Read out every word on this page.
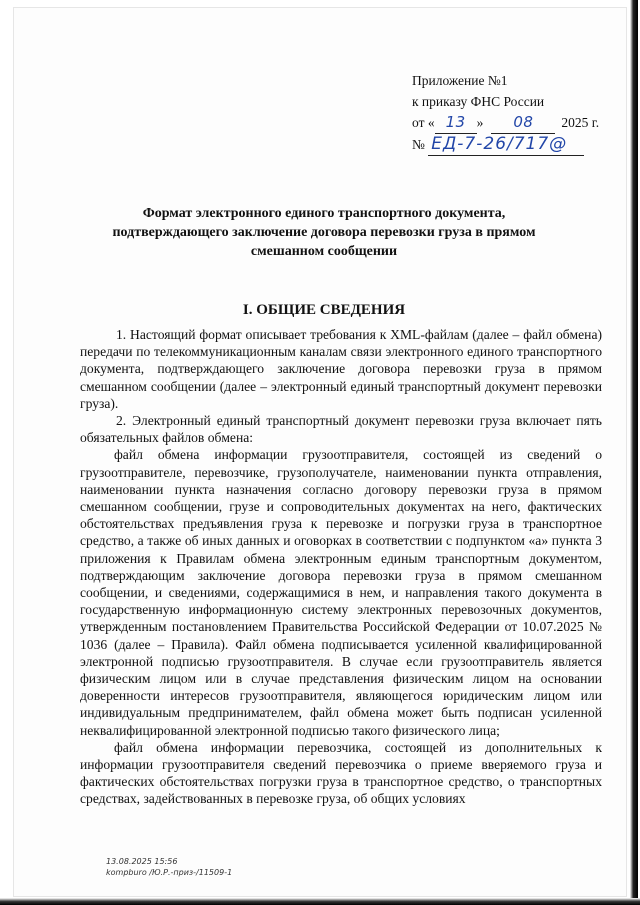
Приложение №1
к приказу ФНС России
от « 13 » 08 2025 г.
№ ЕД-7-26/717@
Формат электронного единого транспортного документа,
подтверждающего заключение договора перевозки груза в прямом
смешанном сообщении
I. ОБЩИЕ СВЕДЕНИЯ

1. Настоящий формат описывает требования к XML-файлам (далее – файл обмена) передачи по телекоммуникационным каналам связи электронного единого транспортного документа, подтверждающего заключение договора перевозки груза в прямом смешанном сообщении (далее – электронный единый транспортный документ перевозки груза).

2. Электронный единый транспортный документ перевозки груза включает пять обязательных файлов обмена:

файл обмена информации грузоотправителя, состоящей из сведений о грузоотправителе, перевозчике, грузополучателе, наименовании пункта отправления, наименовании пункта назначения согласно договору перевозки груза в прямом смешанном сообщении, грузе и сопроводительных документах на него, фактических обстоятельствах предъявления груза к перевозке и погрузки груза в транспортное средство, а также об иных данных и оговорках в соответствии с подпунктом «а» пункта 3 приложения к Правилам обмена электронным единым транспортным документом, подтверждающим заключение договора перевозки груза в прямом смешанном сообщении, и сведениями, содержащимися в нем, и направления такого документа в государственную информационную систему электронных перевозочных документов, утвержденным постановлением Правительства Российской Федерации от 10.07.2025 № 1036 (далее – Правила). Файл обмена подписывается усиленной квалифицированной электронной подписью грузоотправителя. В случае если грузоотправитель является физическим лицом или в случае представления физическим лицом на основании доверенности интересов грузоотправителя, являющегося юридическим лицом или индивидуальным предпринимателем, файл обмена может быть подписан усиленной неквалифицированной электронной подписью такого физического лица;

файл обмена информации перевозчика, состоящей из дополнительных к информации грузоотправителя сведений перевозчика о приеме вверяемого груза и фактических обстоятельствах погрузки груза в транспортное средство, о транспортных средствах, задействованных в перевозке груза, об общих условиях

13.08.2025 15:56
kompburo /Ю.Р.-приз-/11509-1
